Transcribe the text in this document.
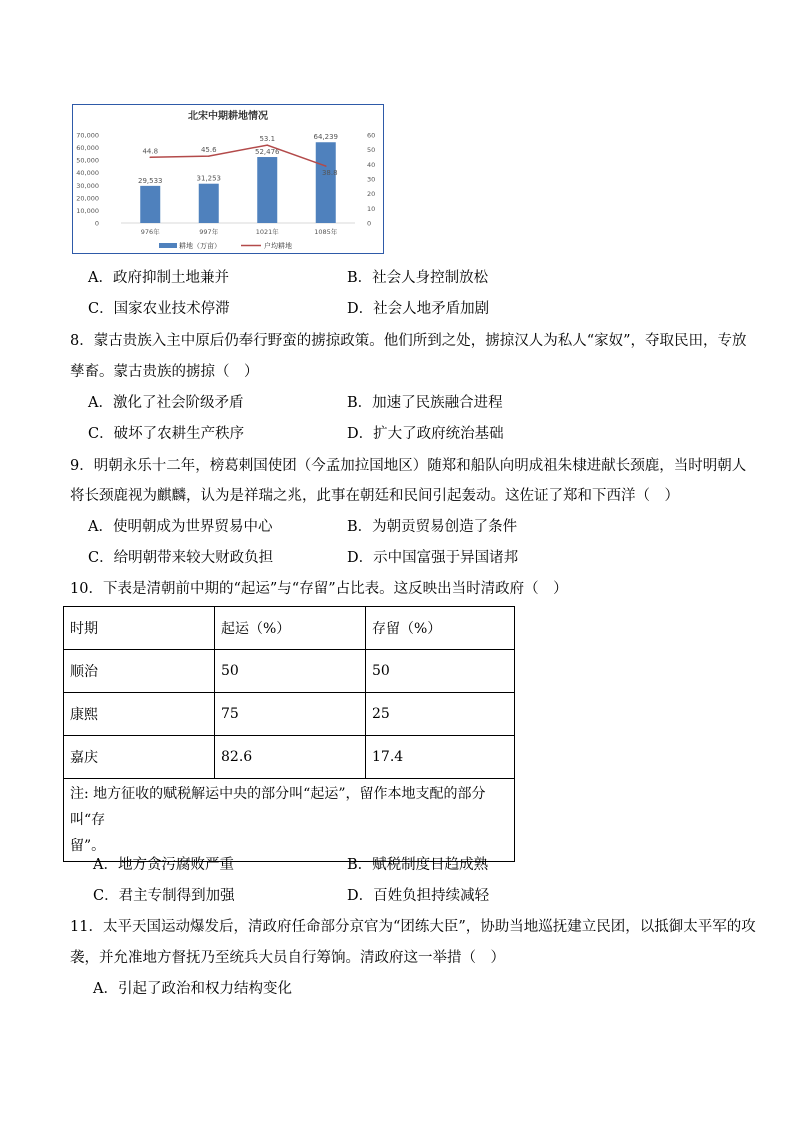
北宋中期耕地情况
70,000
60,000
50,000
40,000
30,000
20,000
10,000
0
60
50
40
30
20
10
0
29,533	31,253
52,476
64,239
44.8	45.6
53.1
38.8
976年	997年	1021年	1085年
耕地（万亩）	户均耕地
A．政府抑制土地兼并	B．社会人身控制放松
C．国家农业技术停滞	D．社会人地矛盾加剧
8．蒙古贵族入主中原后仍奉行野蛮的掳掠政策。他们所到之处，掳掠汉人为私人“家奴”，夺取民田，专放
孳畜。蒙古贵族的掳掠（　）
A．激化了社会阶级矛盾	B．加速了民族融合进程
C．破坏了农耕生产秩序	D．扩大了政府统治基础
9．明朝永乐十二年，榜葛剌国使团（今孟加拉国地区）随郑和船队向明成祖朱棣进献长颈鹿，当时明朝人
将长颈鹿视为麒麟，认为是祥瑞之兆，此事在朝廷和民间引起轰动。这佐证了郑和下西洋（　）
A．使明朝成为世界贸易中心	B．为朝贡贸易创造了条件
C．给明朝带来较大财政负担	D．示中国富强于异国诸邦
10．下表是清朝前中期的“起运”与“存留”占比表。这反映出当时清政府（　）
时期	起运（%）	存留（%）
顺治	50	50
康熙	75	25
嘉庆	82.6	17.4

注: 地方征收的赋税解运中央的部分叫“起运”，留作本地支配的部分叫“存
留”。		
A．地方贪污腐败严重	B．赋税制度日趋成熟
C．君主专制得到加强	D．百姓负担持续减轻
11．太平天国运动爆发后，清政府任命部分京官为“团练大臣”，协助当地巡抚建立民团，以抵御太平军的攻
袭，并允准地方督抚乃至统兵大员自行筹饷。清政府这一举措（　）
A．引起了政治和权力结构变化
